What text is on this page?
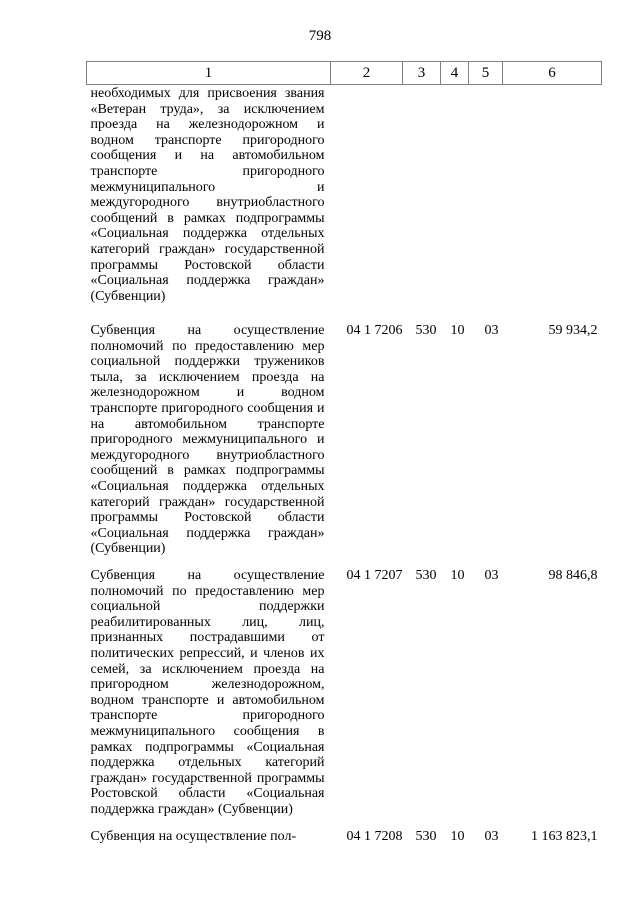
798
1	2	3	4	5	6
необходимых для присвоения звания «Ветеран труда», за исключением проезда на железнодорожном и водном транспорте пригородного сообщения и на автомобильном транспорте пригородного межмуниципального и междугородного внутриобластного сообщений в рамках подпрограммы «Социальная поддержка отдельных категорий граждан» государственной программы Ростовской области «Социальная поддержка граждан» (Субвенции)					
Субвенция на осуществление полномочий по предоставлению мер социальной поддержки тружеников тыла, за исключением проезда на железнодорожном и водном транспорте пригородного сообщения и на автомобильном транспорте пригородного межмуниципального и междугородного внутриобластного сообщений в рамках подпрограммы «Социальная поддержка отдельных категорий граждан» государственной программы Ростовской области «Социальная поддержка граждан» (Субвенции)	04 1 7206	530	10	03	59 934,2
Субвенция на осуществление полномочий по предоставлению мер социальной поддержки реабилитированных лиц, лиц, признанных пострадавшими от политических репрессий, и членов их семей, за исключением проезда на пригородном железнодорожном, водном транспорте и автомобильном транспорте пригородного межмуниципального сообщения в рамках подпрограммы «Социальная поддержка отдельных категорий граждан» государственной программы Ростовской области «Социальная поддержка граждан» (Субвенции)	04 1 7207	530	10	03	98 846,8
Субвенция на осуществление пол-	04 1 7208	530	10	03	1 163 823,1
